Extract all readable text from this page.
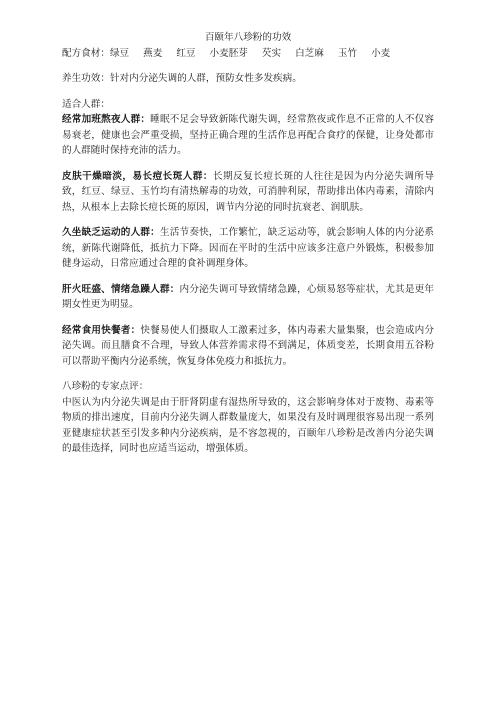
百颐年八珍粉的功效
配方食材： 绿豆 燕麦 红豆 小麦胚芽 芡实 白芝麻 玉竹 小麦

养生功效：针对内分泌失调的人群，预防女性多发疾病。

适合人群：

经常加班熬夜人群：睡眠不足会导致新陈代谢失调，经常熬夜或作息不正常的人不仅容易衰老，健康也会严重受损，坚持正确合理的生活作息再配合食疗的保健，让身处都市的人群随时保持充沛的活力。

皮肤干燥暗淡，易长痘长斑人群：长期反复长痘长斑的人往往是因为内分泌失调所导致，红豆、绿豆、玉竹均有清热解毒的功效，可消肿利尿，帮助排出体内毒素，清除内热，从根本上去除长痘长斑的原因，调节内分泌的同时抗衰老、润肌肤。

久坐缺乏运动的人群：生活节奏快，工作繁忙，缺乏运动等，就会影响人体的内分泌系统，新陈代谢降低，抵抗力下降。因而在平时的生活中应该多注意户外锻炼，积极参加健身运动，日常应通过合理的食补调理身体。

肝火旺盛、情绪急躁人群：内分泌失调可导致情绪急躁，心烦易怒等症状，尤其是更年期女性更为明显。

经常食用快餐者：快餐易使人们摄取人工激素过多，体内毒素大量集聚，也会造成内分泌失调。而且膳食不合理，导致人体营养需求得不到满足，体质变差，长期食用五谷粉可以帮助平衡内分泌系统，恢复身体免疫力和抵抗力。

八珍粉的专家点评：

中医认为内分泌失调是由于肝肾阴虚有湿热所导致的，这会影响身体对于废物、毒素等物质的排出速度，目前内分泌失调人群数量庞大，如果没有及时调理很容易出现一系列亚健康症状甚至引发多种内分泌疾病，是不容忽视的，百颐年八珍粉是改善内分泌失调的最佳选择，同时也应适当运动，增强体质。
